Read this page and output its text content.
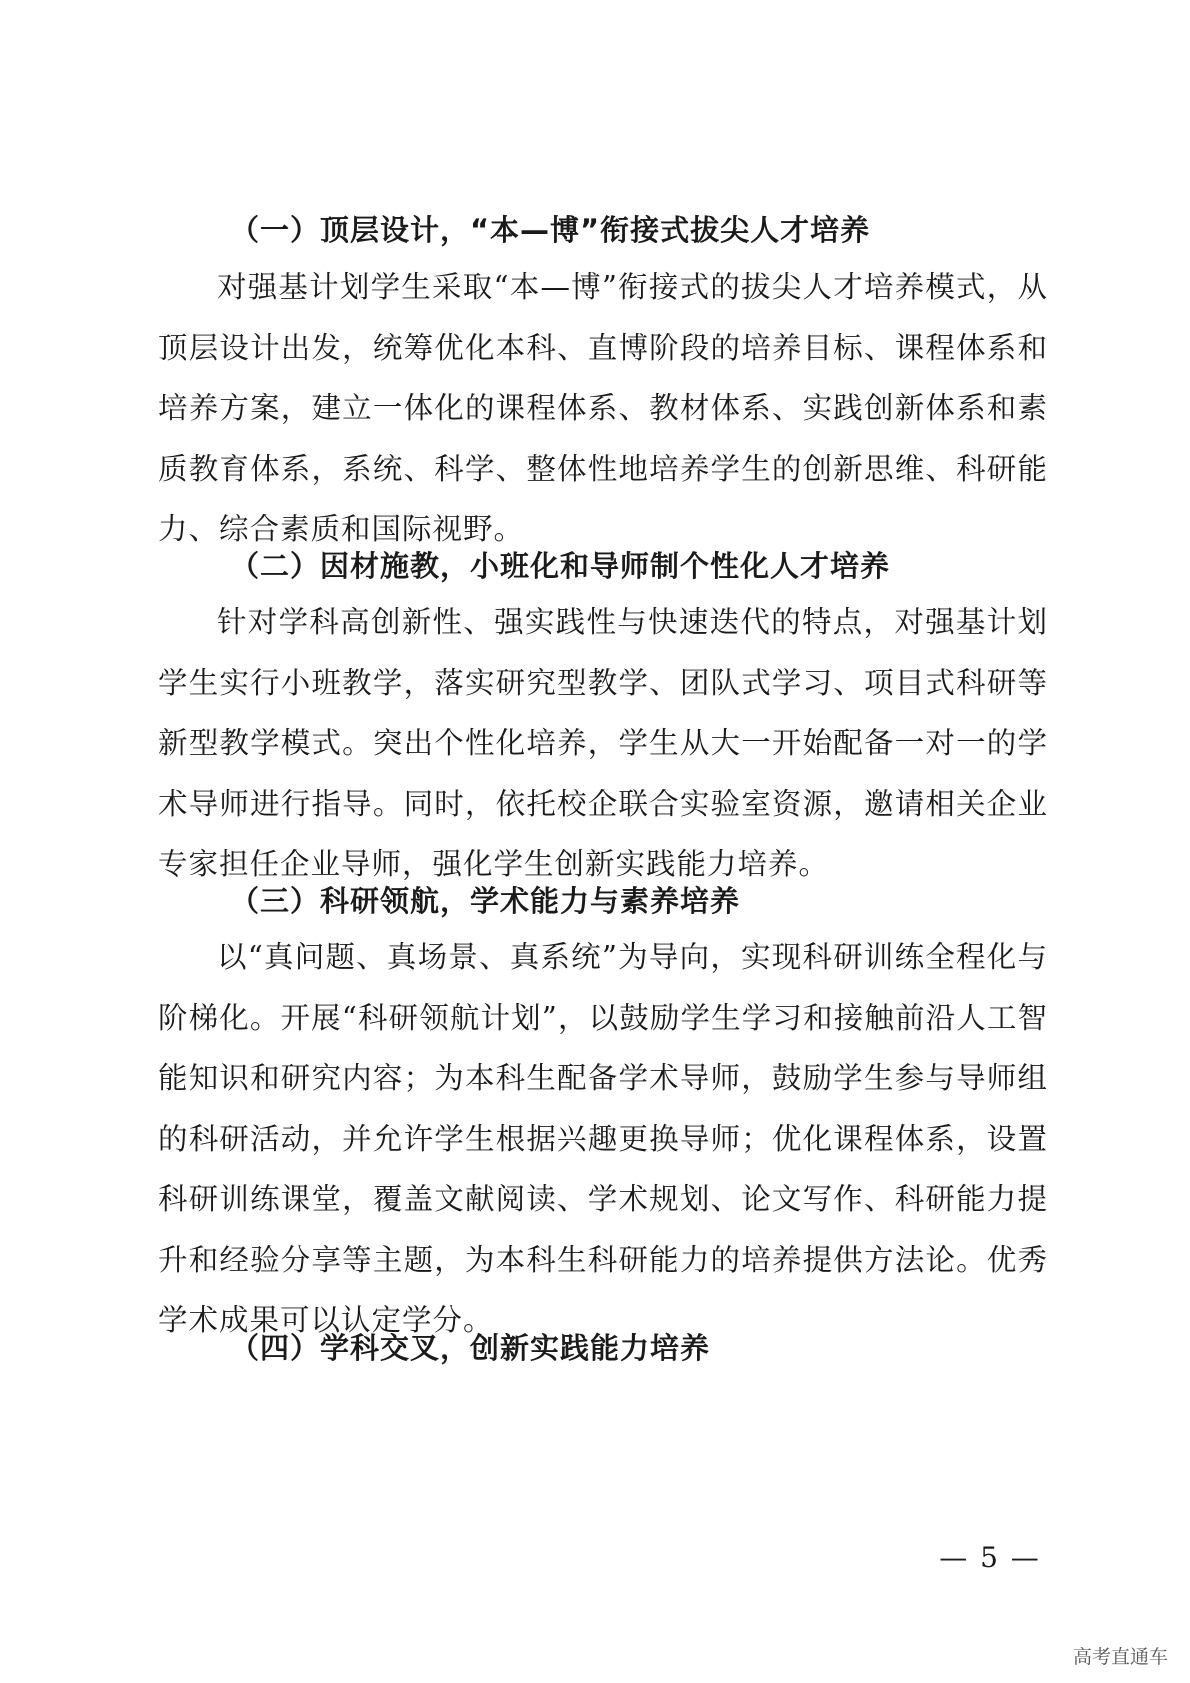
（一）顶层设计，“本—博”衔接式拔尖人才培养
对强基计划学生采取“本—博”衔接式的拔尖人才培养模式，从顶层设计出发，统筹优化本科、直博阶段的培养目标、课程体系和培养方案，建立一体化的课程体系、教材体系、实践创新体系和素质教育体系，系统、科学、整体性地培养学生的创新思维、科研能力、综合素质和国际视野。
（二）因材施教，小班化和导师制个性化人才培养
针对学科高创新性、强实践性与快速迭代的特点，对强基计划学生实行小班教学，落实研究型教学、团队式学习、项目式科研等新型教学模式。突出个性化培养，学生从大一开始配备一对一的学术导师进行指导。同时，依托校企联合实验室资源，邀请相关企业专家担任企业导师，强化学生创新实践能力培养。
（三）科研领航，学术能力与素养培养
以“真问题、真场景、真系统”为导向，实现科研训练全程化与阶梯化。开展“科研领航计划”，以鼓励学生学习和接触前沿人工智能知识和研究内容；为本科生配备学术导师，鼓励学生参与导师组的科研活动，并允许学生根据兴趣更换导师；优化课程体系，设置科研训练课堂，覆盖文献阅读、学术规划、论文写作、科研能力提升和经验分享等主题，为本科生科研能力的培养提供方法论。优秀学术成果可以认定学分。
（四）学科交叉，创新实践能力培养
— 5 —
高考直通车
